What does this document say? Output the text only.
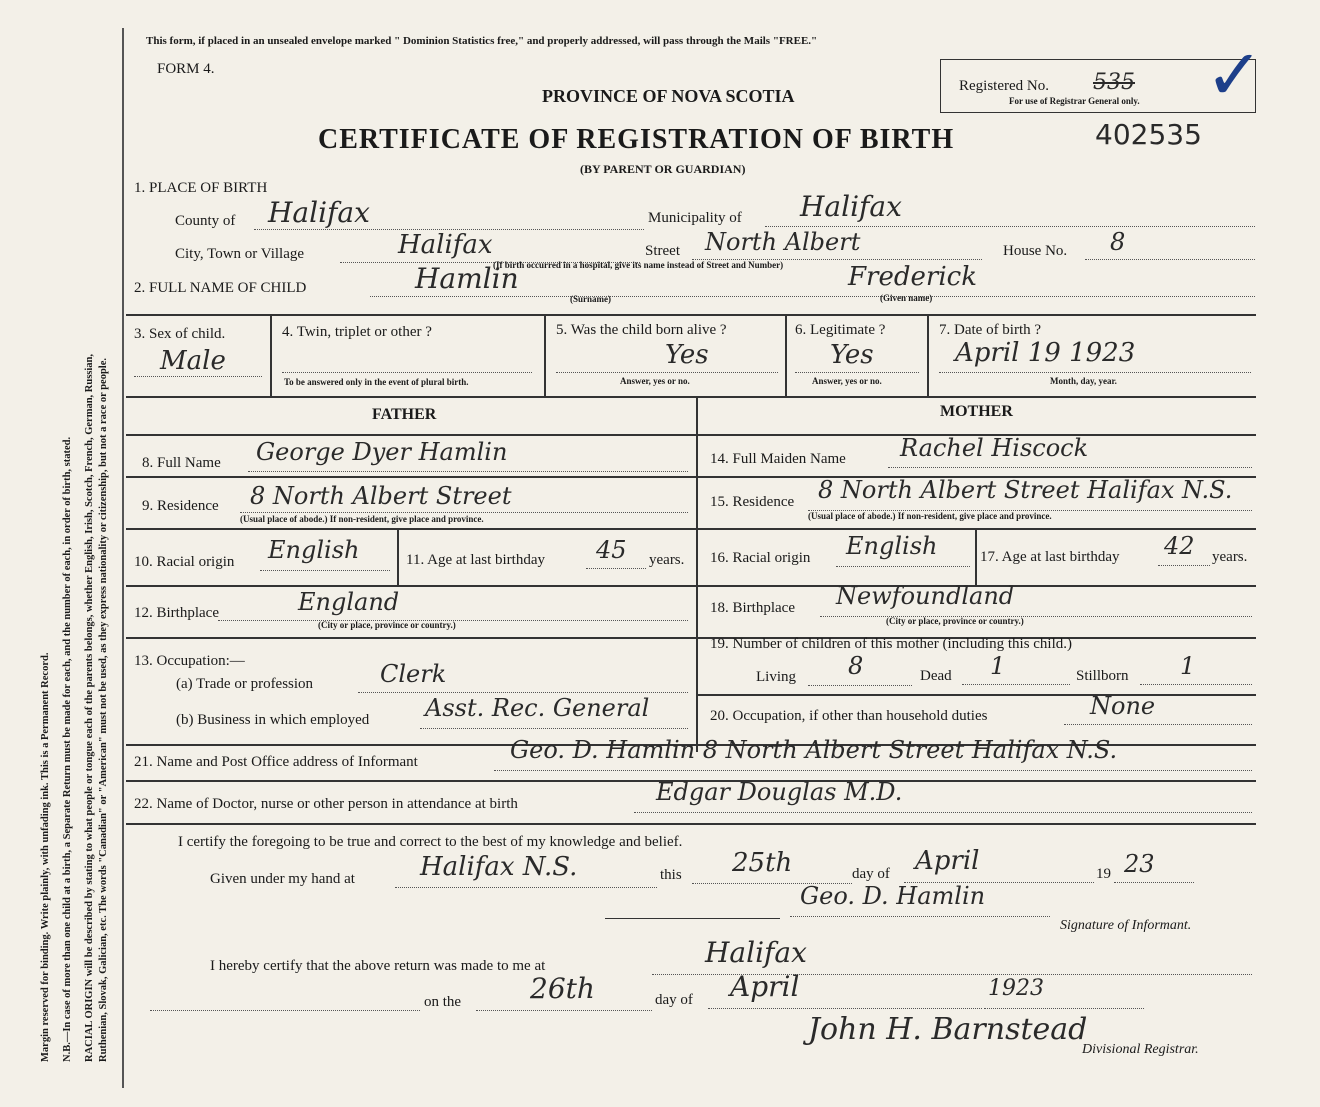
Margin reserved for binding. Write plainly, with unfading ink. This is a Permanent Record. N.B.—In case of more than one child at a birth, a Separate Return must be made for each, and the number of each, in order of birth, stated. RACIAL ORIGIN will be described by stating to what people or tongue each of the parents belongs, whether English, Irish, Scotch, French, German, Russian, Ruthenian, Slovak, Galician, etc. The words "Canadian" or "American" must not be used, as they express nationality or citizenship, but not a race or people.
This form, if placed in an unsealed envelope marked " Dominion Statistics free," and properly addressed, will pass through the Mails "FREE."
FORM 4.
PROVINCE OF NOVA SCOTIA
CERTIFICATE OF REGISTRATION OF BIRTH
(BY PARENT OR GUARDIAN)
402535
Registered No. 535
For use of Registrar General only. ✓
1. PLACE OF BIRTH
County of Halifax	Municipality of Halifax
City, Town or Village	Halifax	Street North Albert	House No. 8
(If birth occurred in a hospital, give its name instead of Street and Number)
2. FULL NAME OF CHILD	Hamlin
(Surname)
Frederick
(Given name)
3. Sex of child.
Male
4. Twin, triplet or other ?
To be answered only in the event of plural birth.
5. Was the child born alive ?
Yes
Answer, yes or no.
6. Legitimate ?
Yes
Answer, yes or no.
7. Date of birth ?
April 19 1923
Month, day, year.
FATHER
8. Full Name George Dyer Hamlin
9. Residence 8 North Albert Street
(Usual place of abode.) If non-resident, give place and province.
10. Racial origin English	11. Age at last birthday 45 years.
12. Birthplace	England
(City or place, province or country.)
13. Occupation:—
(a) Trade or profession	Clerk
(b) Business in which employed Asst. Rec. General
MOTHER
14. Full Maiden Name Rachel Hiscock
15. Residence 8 North Albert Street Halifax N.S.
(Usual place of abode.) If non-resident, give place and province.
16. Racial origin English	17. Age at last birthday 42 years.
18. Birthplace Newfoundland
(City or place, province or country.)
19. Number of children of this mother (including this child.)
Living 8	Dead 1	Stillborn 1
20. Occupation, if other than household duties	None
21. Name and Post Office address of Informant	Geo. D. Hamlin 8 North Albert Street Halifax N.S.
22. Name of Doctor, nurse or other person in attendance at birth	Edgar Douglas M.D.
I certify the foregoing to be true and correct to the best of my knowledge and belief.
Given under my hand at	Halifax N.S.	this 25th	day of April	19 23
Geo. D. Hamlin
Signature of Informant.
I hereby certify that the above return was made to me at	Halifax
on the 26th	day of April	1923
John H. Barnstead
Divisional Registrar.
